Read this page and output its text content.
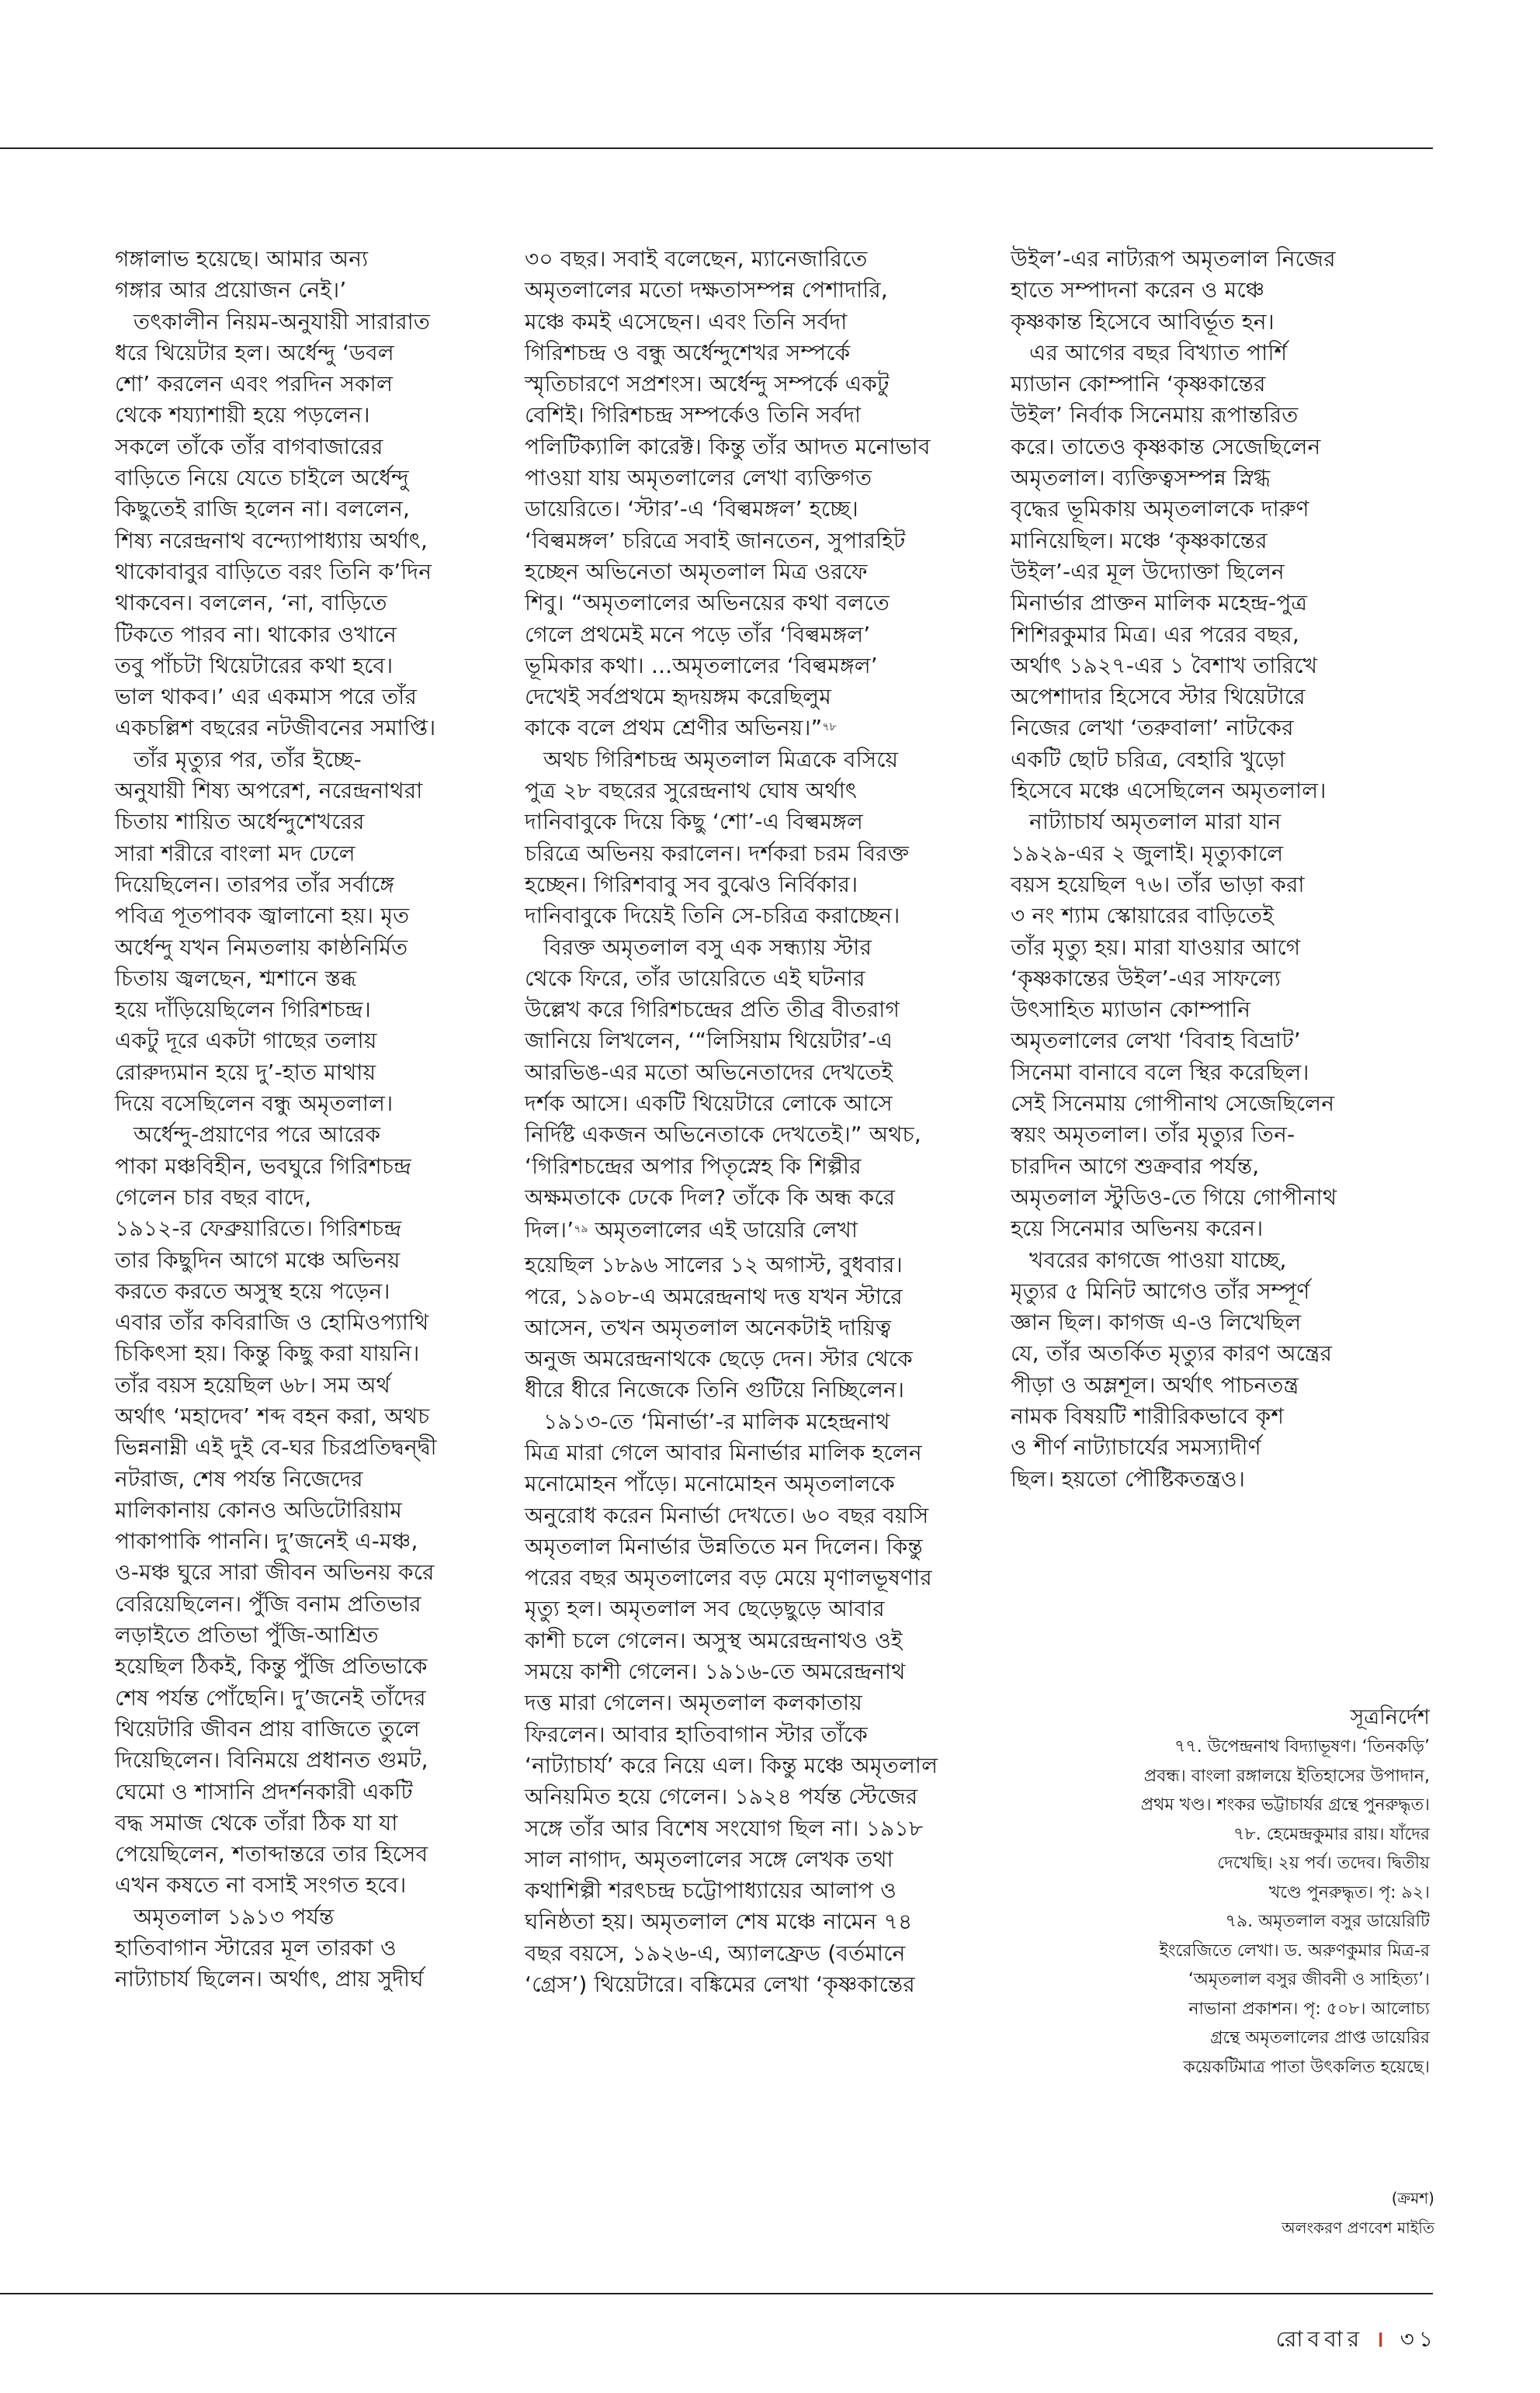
গঙ্গালাভ হয়েছে। আমার অন্য
গঙ্গার আর প্রয়োজন নেই।’
তৎকালীন নিয়ম-অনুযায়ী সারারাত
ধরে থিয়েটার হল। অর্ধেন্দু ‘ডবল
শো’ করলেন এবং পরদিন সকাল
থেকে শয্যাশায়ী হয়ে পড়লেন।
সকলে তাঁকে তাঁর বাগবাজারের
বাড়িতে নিয়ে যেতে চাইলে অর্ধেন্দু
কিছুতেই রাজি হলেন না। বললেন,
শিষ্য নরেন্দ্রনাথ বন্দ্যোপাধ্যায় অর্থাৎ,
থাকোবাবুর বাড়িতে বরং তিনি ক’দিন
থাকবেন। বললেন, ‘না, বাড়িতে
টিকতে পারব না। থাকোর ওখানে
তবু পাঁচটা থিয়েটারের কথা হবে।
ভাল থাকব।’ এর একমাস পরে তাঁর
একচল্লিশ বছরের নটজীবনের সমাপ্তি।
তাঁর মৃত্যুর পর, তাঁর ইচ্ছে-
অনুযায়ী শিষ্য অপরেশ, নরেন্দ্রনাথরা
চিতায় শায়িত অর্ধেন্দুশেখরের
সারা শরীরে বাংলা মদ ঢেলে
দিয়েছিলেন। তারপর তাঁর সর্বাঙ্গে
পবিত্র পূতপাবক জ্বালানো হয়। মৃত
অর্ধেন্দু যখন নিমতলায় কাষ্ঠনির্মিত
চিতায় জ্বলছেন, শ্মশানে স্তব্ধ
হয়ে দাঁড়িয়েছিলেন গিরিশচন্দ্র।
একটু দূরে একটা গাছের তলায়
রোরুদ্যমান হয়ে দু’-হাত মাথায়
দিয়ে বসেছিলেন বন্ধু অমৃতলাল।
অর্ধেন্দু-প্রয়াণের পরে আরেক
পাকা মঞ্চবিহীন, ভবঘুরে গিরিশচন্দ্র
গেলেন চার বছর বাদে,
১৯১২-র ফেব্রুয়ারিতে। গিরিশচন্দ্র
তার কিছুদিন আগে মঞ্চে অভিনয়
করতে করতে অসুস্থ হয়ে পড়েন।
এবার তাঁর কবিরাজি ও হোমিওপ্যাথি
চিকিৎসা হয়। কিন্তু কিছু করা যায়নি।
তাঁর বয়স হয়েছিল ৬৮। সম অর্থ
অর্থাৎ ‘মহাদেব’ শব্দ বহন করা, অথচ
ভিন্ননাম্নী এই দুই বে-ঘর চিরপ্রতিদ্বন্দ্বী
নটরাজ, শেষ পর্যন্ত নিজেদের
মালিকানায় কোনও অডিটোরিয়াম
পাকাপাকি পাননি। দু’জনেই এ-মঞ্চ,
ও-মঞ্চ ঘুরে সারা জীবন অভিনয় করে
বেরিয়েছিলেন। পুঁজি বনাম প্রতিভার
লড়াইতে প্রতিভা পুঁজি-আশ্রিত
হয়েছিল ঠিকই, কিন্তু পুঁজি প্রতিভাকে
শেষ পর্যন্ত পোঁছেনি। দু’জনেই তাঁদের
থিয়েটারি জীবন প্রায় বাজিতে তুলে
দিয়েছিলেন। বিনিময়ে প্রধানত গুমট,
ঘেমো ও শাসানি প্রদর্শনকারী একটি
বদ্ধ সমাজ থেকে তাঁরা ঠিক যা যা
পেয়েছিলেন, শতাব্দান্তরে তার হিসেব
এখন কষতে না বসাই সংগত হবে।
অমৃতলাল ১৯১৩ পর্যন্ত
হাতিবাগান স্টারের মূল তারকা ও
নাট্যাচার্য ছিলেন। অর্থাৎ, প্রায় সুদীর্ঘ
৩০ বছর। সবাই বলেছেন, ম্যানেজারিতে
অমৃতলালের মতো দক্ষতাসম্পন্ন পেশাদারি,
মঞ্চে কমই এসেছেন। এবং তিনি সর্বদা
গিরিশচন্দ্র ও বন্ধু অর্ধেন্দুশেখর সম্পর্কে
স্মৃতিচারণে সপ্রশংস। অর্ধেন্দু সম্পর্কে একটু
বেশিই। গিরিশচন্দ্র সম্পর্কেও তিনি সর্বদা
পলিটিক্যালি কারেক্ট। কিন্তু তাঁর আদত মনোভাব
পাওয়া যায় অমৃতলালের লেখা ব্যক্তিগত
ডায়েরিতে। ‘স্টার’-এ ‘বিল্বমঙ্গল’ হচ্ছে।
‘বিল্বমঙ্গল’ চরিত্রে সবাই জানতেন, সুপারহিট
হচ্ছেন অভিনেতা অমৃতলাল মিত্র ওরফে
শিবু। “অমৃতলালের অভিনয়ের কথা বলতে
গেলে প্রথমেই মনে পড়ে তাঁর ‘বিল্বমঙ্গল’
ভূমিকার কথা। ...অমৃতলালের ‘বিল্বমঙ্গল’
দেখেই সর্বপ্রথমে হৃদয়ঙ্গম করেছিলুম
কাকে বলে প্রথম শ্রেণীর অভিনয়।”$^{৭৮}$

অথচ গিরিশচন্দ্র অমৃতলাল মিত্রকে বসিয়ে
পুত্র ২৮ বছরের সুরেন্দ্রনাথ ঘোষ অর্থাৎ
দানিবাবুকে দিয়ে কিছু ‘শো’-এ বিল্বমঙ্গল
চরিত্রে অভিনয় করালেন। দর্শকরা চরম বিরক্ত
হচ্ছেন। গিরিশবাবু সব বুঝেও নির্বিকার।
দানিবাবুকে দিয়েই তিনি সে-চরিত্র করাচ্ছেন।
বিরক্ত অমৃতলাল বসু এক সন্ধ্যায় স্টার
থেকে ফিরে, তাঁর ডায়েরিতে এই ঘটনার
উল্লেখ করে গিরিশচন্দ্রের প্রতি তীব্র বীতরাগ
জানিয়ে লিখলেন, ‘“লিসিয়াম থিয়েটার’-এ
আরভিঙ-এর মতো অভিনেতাদের দেখতেই
দর্শক আসে। একটি থিয়েটারে লোকে আসে
নির্দিষ্ট একজন অভিনেতাকে দেখতেই।” অথচ,
‘গিরিশচন্দ্রের অপার পিতৃস্নেহ কি শিল্পীর
অক্ষমতাকে ঢেকে দিল? তাঁকে কি অন্ধ করে
দিল।’$^{৭৯}$ অমৃতলালের এই ডায়েরি লেখা

হয়েছিল ১৮৯৬ সালের ১২ অগাস্ট, বুধবার।
পরে, ১৯০৮-এ অমরেন্দ্রনাথ দত্ত যখন স্টারে
আসেন, তখন অমৃতলাল অনেকটাই দায়িত্ব
অনুজ অমরেন্দ্রনাথকে ছেড়ে দেন। স্টার থেকে
ধীরে ধীরে নিজেকে তিনি গুটিয়ে নিচ্ছিলেন।
১৯১৩-তে ‘মিনার্ভা’-র মালিক মহেন্দ্রনাথ
মিত্র মারা গেলে আবার মিনার্ভার মালিক হলেন
মনোমোহন পাঁড়ে। মনোমোহন অমৃতলালকে
অনুরোধ করেন মিনার্ভা দেখতে। ৬০ বছর বয়সি
অমৃতলাল মিনার্ভার উন্নতিতে মন দিলেন। কিন্তু
পরের বছর অমৃতলালের বড় মেয়ে মৃণালভূষণার
মৃত্যু হল। অমৃতলাল সব ছেড়েছুড়ে আবার
কাশী চলে গেলেন। অসুস্থ অমরেন্দ্রনাথও ওই
সময়ে কাশী গেলেন। ১৯১৬-তে অমরেন্দ্রনাথ
দত্ত মারা গেলেন। অমৃতলাল কলকাতায়
ফিরলেন। আবার হাতিবাগান স্টার তাঁকে
‘নাট্যাচার্য’ করে নিয়ে এল। কিন্তু মঞ্চে অমৃতলাল
অনিয়মিত হয়ে গেলেন। ১৯২৪ পর্যন্ত স্টেজের
সঙ্গে তাঁর আর বিশেষ সংযোগ ছিল না। ১৯১৮
সাল নাগাদ, অমৃতলালের সঙ্গে লেখক তথা
কথাশিল্পী শরৎচন্দ্র চট্টোপাধ্যায়ের আলাপ ও
ঘনিষ্ঠতা হয়। অমৃতলাল শেষ মঞ্চে নামেন ৭৪
বছর বয়সে, ১৯২৬-এ, অ্যালফ্রেড (বর্তমানে
‘গ্রেস’) থিয়েটারে। বঙ্কিমের লেখা ‘কৃষ্ণকান্তের
উইল’-এর নাট্যরূপ অমৃতলাল নিজের
হাতে সম্পাদনা করেন ও মঞ্চে
কৃষ্ণকান্ত হিসেবে আবির্ভূত হন।
এর আগের বছর বিখ্যাত পার্শি
ম্যাডান কোম্পানি ‘কৃষ্ণকান্তের
উইল’ নির্বাক সিনেমায় রূপান্তরিত
করে। তাতেও কৃষ্ণকান্ত সেজেছিলেন
অমৃতলাল। ব্যক্তিত্বসম্পন্ন স্নিগ্ধ
বৃদ্ধের ভূমিকায় অমৃতলালকে দারুণ
মানিয়েছিল। মঞ্চে ‘কৃষ্ণকান্তের
উইল’-এর মূল উদ্যোক্তা ছিলেন
মিনার্ভার প্রাক্তন মালিক মহেন্দ্র-পুত্র
শিশিরকুমার মিত্র। এর পরের বছর,
অর্থাৎ ১৯২৭-এর ১ বৈশাখ তারিখে
অপেশাদার হিসেবে স্টার থিয়েটারে
নিজের লেখা ‘তরুবালা’ নাটকের
একটি ছোট চরিত্র, বেহারি খুড়ো
হিসেবে মঞ্চে এসেছিলেন অমৃতলাল।
নাট্যাচার্য অমৃতলাল মারা যান
১৯২৯-এর ২ জুলাই। মৃত্যুকালে
বয়স হয়েছিল ৭৬। তাঁর ভাড়া করা
৩ নং শ্যাম স্কোয়ারের বাড়িতেই
তাঁর মৃত্যু হয়। মারা যাওয়ার আগে
‘কৃষ্ণকান্তের উইল’-এর সাফল্যে
উৎসাহিত ম্যাডান কোম্পানি
অমৃতলালের লেখা ‘বিবাহ বিভ্রাট’
সিনেমা বানাবে বলে স্থির করেছিল।
সেই সিনেমায় গোপীনাথ সেজেছিলেন
স্বয়ং অমৃতলাল। তাঁর মৃত্যুর তিন-
চারদিন আগে শুক্রবার পর্যন্ত,
অমৃতলাল স্টুডিও-তে গিয়ে গোপীনাথ
হয়ে সিনেমার অভিনয় করেন।
খবরের কাগজে পাওয়া যাচ্ছে,
মৃত্যুর ৫ মিনিট আগেও তাঁর সম্পূর্ণ
জ্ঞান ছিল। কাগজ এ-ও লিখেছিল
যে, তাঁর অতর্কিত মৃত্যুর কারণ অন্ত্রের
পীড়া ও অম্লশূল। অর্থাৎ পাচনতন্ত্র
নামক বিষয়টি শারীরিকভাবে কৃশ
ও শীর্ণ নাট্যাচার্যের সমস্যাদীর্ণ
ছিল। হয়তো পৌষ্টিকতন্ত্রও।
সূত্রনির্দেশ
৭৭. উপেন্দ্রনাথ বিদ্যাভূষণ। ‘তিনকড়ি’
প্রবন্ধ। বাংলা রঙ্গালয়ে ইতিহাসের উপাদান,
প্রথম খণ্ড। শংকর ভট্টাচার্যর গ্রন্থে পুনরুদ্ধৃত।
৭৮. হেমেন্দ্রকুমার রায়। যাঁদের
দেখেছি। ২য় পর্ব। তদেব। দ্বিতীয়
খণ্ডে পুনরুদ্ধৃত। পৃ: ৯২।
৭৯. অমৃতলাল বসুর ডায়েরিটি
ইংরেজিতে লেখা। ড. অরুণকুমার মিত্র-র
‘অমৃতলাল বসুর জীবনী ও সাহিত্য’।
নাভানা প্রকাশন। পৃ: ৫০৮। আলোচ্য
গ্রন্থে অমৃতলালের প্রাপ্ত ডায়েরির
কয়েকটিমাত্র পাতা উৎকলিত হয়েছে।
(ক্রমশ)
অলংকরণ প্রণবেশ মাইতি
রোববার । ৩১
